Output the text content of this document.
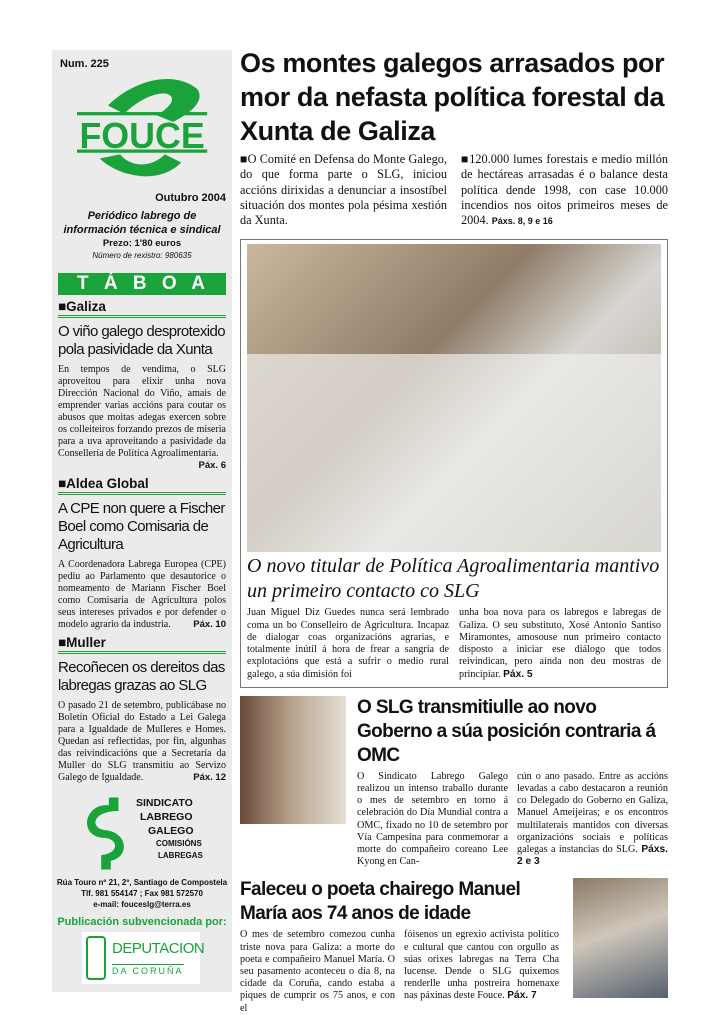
Num. 225
FOUCE
Outubro 2004
Periódico labrego de información técnica e sindical
Prezo: 1'80 euros
Número de rexistro: 980635
T Á B O A
■Galiza
O viño galego desprotexido pola pasividade da Xunta
En tempos de vendima, o SLG aproveitou para elixir unha nova Dirección Nacional do Viño, amais de emprender varias accións para coutar os abusos que moitas adegas exercen sobre os colleiteiros forzando prezos de miseria para a uva aproveitando a pasividade da Consellería de Política Agroalimentaria.
Páx. 6
■Aldea Global
A CPE non quere a Fischer Boel como Comisaria de Agricultura
A Coordenadora Labrega Europea (CPE) pediu ao Parlamento que desautorice o nomeamento de Mariann Fischer Boel como Comisaria de Agricultura polos seus intereses privados e por defender o modelo agrario da industria. Páx. 10
■Muller
Recoñecen os dereitos das labregas grazas ao SLG
O pasado 21 de setembro, publicábase no Boletín Oficial do Estado a Lei Galega para a Igualdade de Mulleres e Homes. Quedan así reflectidas, por fin, algunhas das reivindicacións que a Secretaría da Muller do SLG transmitiu ao Servizo Galego de Igualdade.	Páx. 12
SINDICATO
LABREGO
GALEGO
COMISIÓNS
LABREGAS
Rúa Touro nº 21, 2º, Santiago de Compostela
Tlf. 981 554147 ; Fax 981 572570
e-mail: foucesIg@terra.es
Publicación subvencionada por:
DEPUTACION
DA CORUÑA
Os montes galegos arrasados por mor da nefasta política forestal da Xunta de Galiza
■O Comité en Defensa do Monte Galego, do que forma parte o SLG, iniciou accións dirixidas a denunciar a insostíbel situación dos montes pola pésima xestión da Xunta.
■120.000 lumes forestais e medio millón de hectáreas arrasadas é o balance desta política dende 1998, con case 10.000 incendios nos oitos primeiros meses de 2004. Páxs. 8, 9 e 16
O novo titular de Política Agroalimentaria mantivo un primeiro contacto co SLG
Juan Miguel Diz Guedes nunca será lembrado coma un bo Conselleiro de Agricultura. Incapaz de dialogar coas organizacións agrarias, e totalmente inútil á hora de frear a sangría de explotacións que está a sufrir o medio rural galego, a súa dimisión foi
unha boa nova para os labregos e labregas de Galiza. O seu substituto, Xosé Antonio Santiso Miramontes, amosouse nun primeiro contacto disposto a iniciar ese diálogo que todos reivindican, pero aínda non deu mostras de principiar. Páx. 5
O SLG transmitiulle ao novo Goberno a súa posición contraria á OMC
O Sindicato Labrego Galego realizou un intenso traballo durante o mes de setembro en torno á celebración do Día Mundial contra a OMC, fixado no 10 de setembro por Vía Campesina para conmemorar a morte do compañeiro coreano Lee Kyong en Can-
cún o ano pasado. Entre as accións levadas a cabo destacaron a reunión co Delegado do Goberno en Galiza, Manuel Ameijeiras; e os encontros multilaterais mantidos con diversas organizacións sociais e políticas galegas a instancias do SLG. Páxs. 2 e 3
Faleceu o poeta chairego Manuel María aos 74 anos de idade
O mes de setembro comezou cunha triste nova para Galiza: a morte do poeta e compañeiro Manuel María. O seu pasamento aconteceu o día 8, na cidade da Coruña, cando estaba a piques de cumprir os 75 anos, e con el
fóisenos un egrexio activista político e cultural que cantou con orgullo as súas orixes labregas na Terra Cha lucense. Dende o SLG quixemos renderlle unha postreira homenaxe nas páxinas deste Fouce. Páx. 7
